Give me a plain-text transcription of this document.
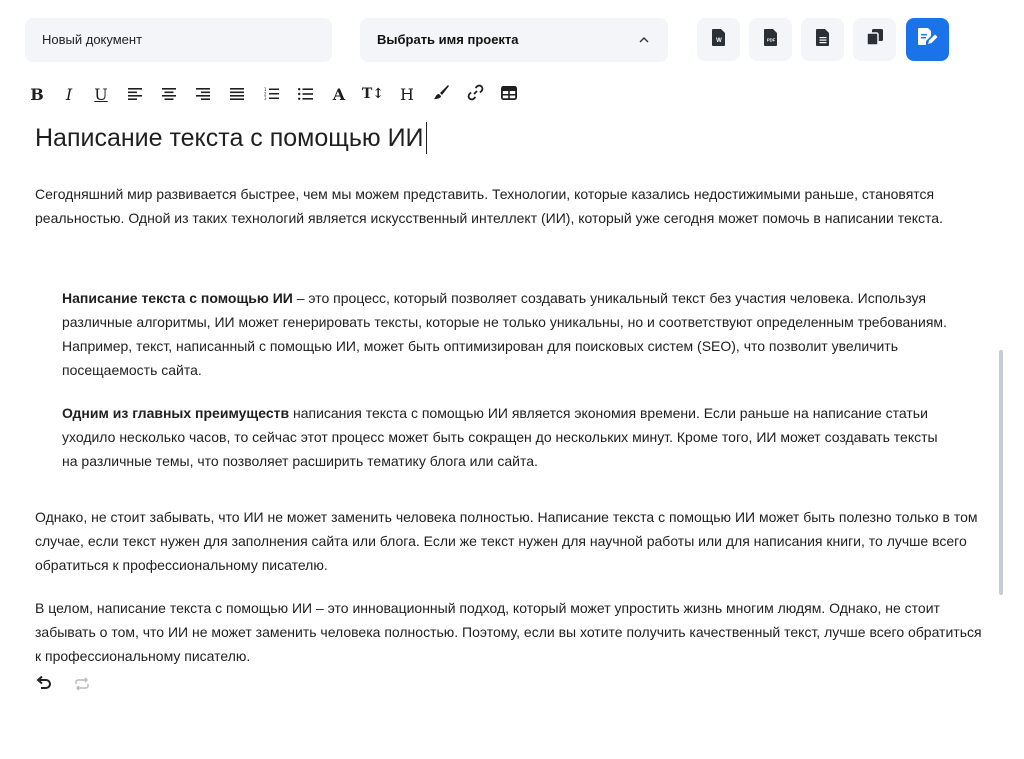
Новый документ	Выбрать имя проекта	W	PDF
B	I	U	1
2
3	A	T↕ H
Написание текста с помощью ИИ
Сегодняшний мир развивается быстрее, чем мы можем представить. Технологии, которые казались недостижимыми раньше, становятся реальностью. Одной из таких технологий является искусственный интеллект (ИИ), который уже сегодня может помочь в написании текста.
Написание текста с помощью ИИ – это процесс, который позволяет создавать уникальный текст без участия человека. Используя различные алгоритмы, ИИ может генерировать тексты, которые не только уникальны, но и соответствуют определенным требованиям. Например, текст, написанный с помощью ИИ, может быть оптимизирован для поисковых систем (SEO), что позволит увеличить посещаемость сайта.
Одним из главных преимуществ написания текста с помощью ИИ является экономия времени. Если раньше на написание статьи уходило несколько часов, то сейчас этот процесс может быть сокращен до нескольких минут. Кроме того, ИИ может создавать тексты на различные темы, что позволяет расширить тематику блога или сайта.
Однако, не стоит забывать, что ИИ не может заменить человека полностью. Написание текста с помощью ИИ может быть полезно только в том случае, если текст нужен для заполнения сайта или блога. Если же текст нужен для научной работы или для написания книги, то лучше всего обратиться к профессиональному писателю.
В целом, написание текста с помощью ИИ – это инновационный подход, который может упростить жизнь многим людям. Однако, не стоит забывать о том, что ИИ не может заменить человека полностью. Поэтому, если вы хотите получить качественный текст, лучше всего обратиться к профессиональному писателю.
